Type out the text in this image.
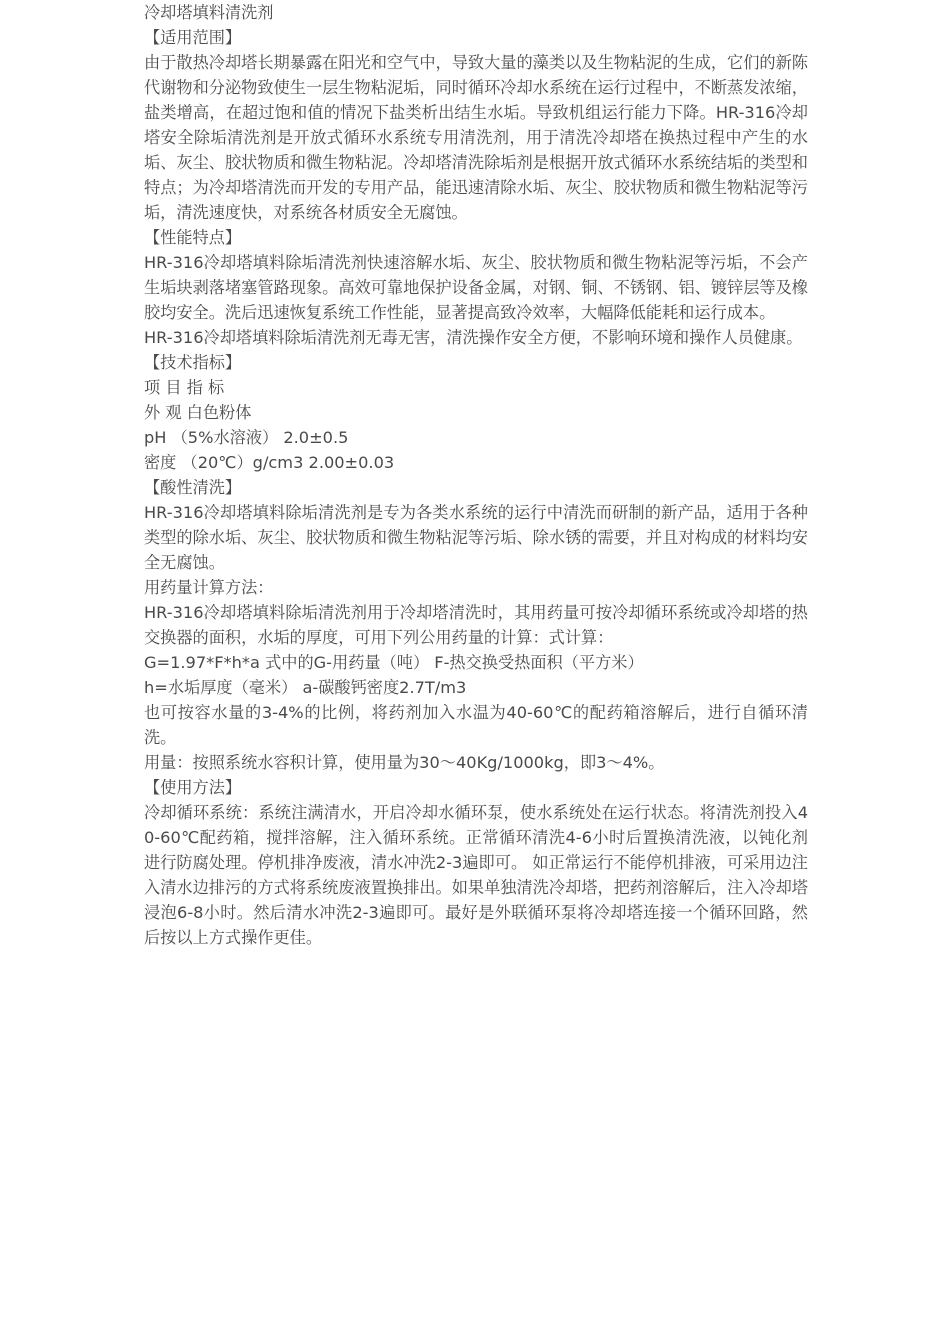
冷却塔填料清洗剂

【适用范围】

由于散热冷却塔长期暴露在阳光和空气中，导致大量的藻类以及生物粘泥的生成，它们的新陈代谢物和分泌物致使生一层生物粘泥垢，同时循环冷却水系统在运行过程中，不断蒸发浓缩，盐类增高，在超过饱和值的情况下盐类析出结生水垢。导致机组运行能力下降。HR-316冷却塔安全除垢清洗剂是开放式循环水系统专用清洗剂，用于清洗冷却塔在换热过程中产生的水垢、灰尘、胶状物质和微生物粘泥。冷却塔清洗除垢剂是根据开放式循环水系统结垢的类型和特点；为冷却塔清洗而开发的专用产品，能迅速清除水垢、灰尘、胶状物质和微生物粘泥等污垢，清洗速度快，对系统各材质安全无腐蚀。

【性能特点】

HR-316冷却塔填料除垢清洗剂快速溶解水垢、灰尘、胶状物质和微生物粘泥等污垢，不会产生垢块剥落堵塞管路现象。高效可靠地保护设备金属，对钢、铜、不锈钢、铝、镀锌层等及橡胶均安全。洗后迅速恢复系统工作性能，显著提高致冷效率，大幅降低能耗和运行成本。

HR-316冷却塔填料除垢清洗剂无毒无害，清洗操作安全方便，不影响环境和操作人员健康。

【技术指标】

项 目 指 标

外 观 白色粉体

pH （5%水溶液） 2.0±0.5

密度 （20℃）g/cm3 2.00±0.03

【酸性清洗】

HR-316冷却塔填料除垢清洗剂是专为各类水系统的运行中清洗而研制的新产品，适用于各种类型的除水垢、灰尘、胶状物质和微生物粘泥等污垢、除水锈的需要，并且对构成的材料均安全无腐蚀。

用药量计算方法：

HR-316冷却塔填料除垢清洗剂用于冷却塔清洗时，其用药量可按冷却循环系统或冷却塔的热交换器的面积，水垢的厚度，可用下列公用药量的计算：式计算：

G=1.97*F*h*a 式中的G-用药量（吨） F-热交换受热面积（平方米）

h=水垢厚度（毫米） a-碳酸钙密度2.7T/m3

也可按容水量的3-4%的比例，将药剂加入水温为40-60℃的配药箱溶解后，进行自循环清洗。

用量：按照系统水容积计算，使用量为30～40Kg/1000kg，即3～4%。

【使用方法】

冷却循环系统：系统注满清水，开启冷却水循环泵，使水系统处在运行状态。将清洗剂投入40-60℃配药箱，搅拌溶解，注入循环系统。正常循环清洗4-6小时后置换清洗液，以钝化剂进行防腐处理。停机排净废液，清水冲洗2-3遍即可。 如正常运行不能停机排液，可采用边注入清水边排污的方式将系统废液置换排出。如果单独清洗冷却塔，把药剂溶解后，注入冷却塔浸泡6-8小时。然后清水冲洗2-3遍即可。最好是外联循环泵将冷却塔连接一个循环回路，然后按以上方式操作更佳。
